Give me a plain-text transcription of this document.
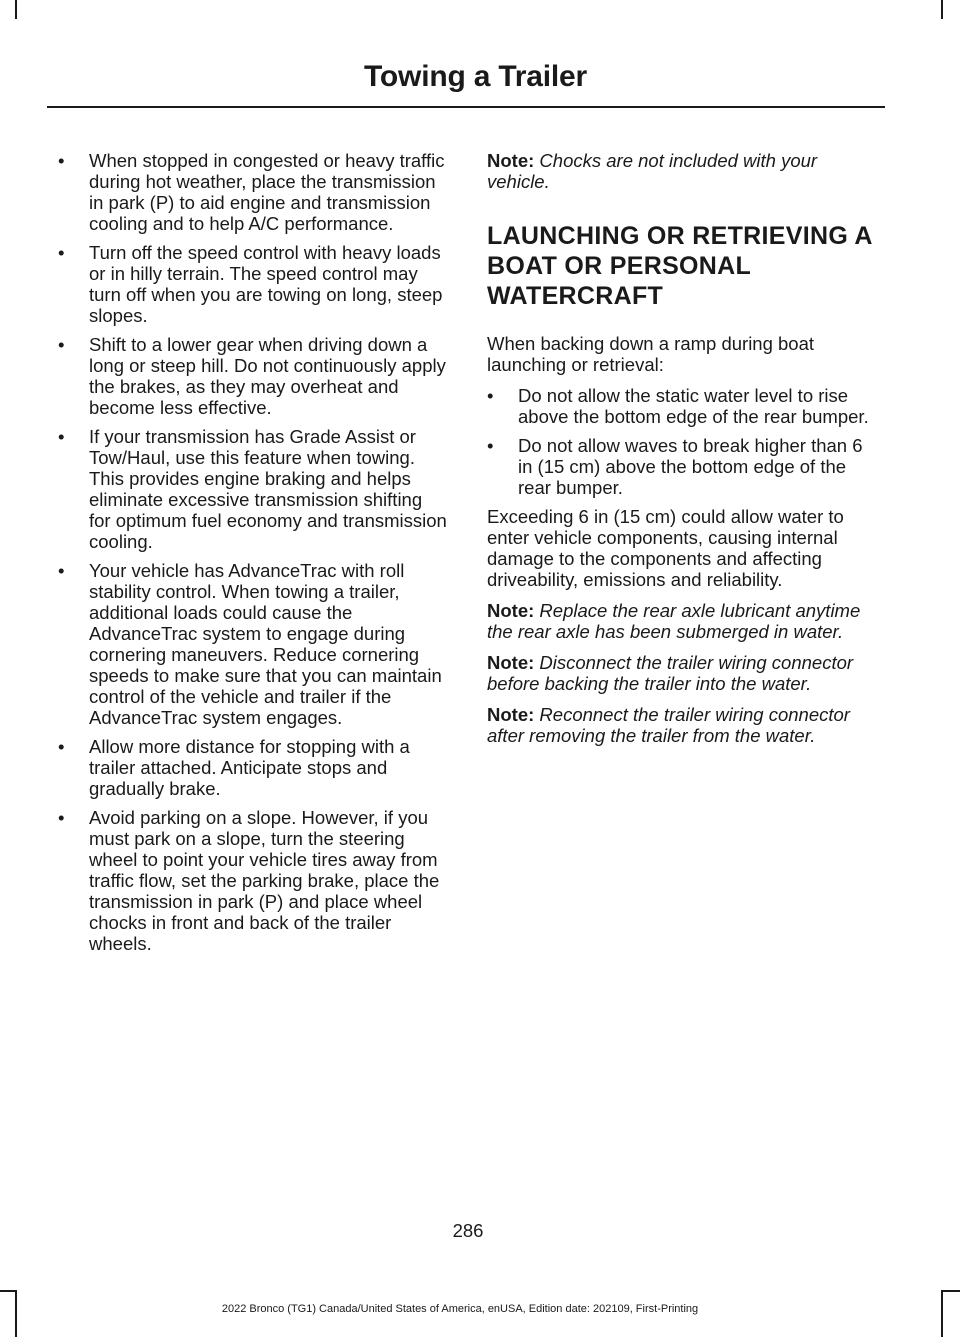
Towing a Trailer
• When stopped in congested or heavy traffic during hot weather, place the transmission in park (P) to aid engine and transmission cooling and to help A/C performance.
• Turn off the speed control with heavy loads or in hilly terrain. The speed control may turn off when you are towing on long, steep slopes.
• Shift to a lower gear when driving down a long or steep hill. Do not continuously apply the brakes, as they may overheat and become less effective.
• If your transmission has Grade Assist or Tow/Haul, use this feature when towing. This provides engine braking and helps eliminate excessive transmission shifting for optimum fuel economy and transmission cooling.
• Your vehicle has AdvanceTrac with roll stability control. When towing a trailer, additional loads could cause the AdvanceTrac system to engage during cornering maneuvers. Reduce cornering speeds to make sure that you can maintain control of the vehicle and trailer if the AdvanceTrac system engages.
• Allow more distance for stopping with a trailer attached. Anticipate stops and gradually brake.
• Avoid parking on a slope. However, if you must park on a slope, turn the steering wheel to point your vehicle tires away from traffic flow, set the parking brake, place the transmission in park (P) and place wheel chocks in front and back of the trailer wheels.

Note: Chocks are not included with your vehicle.

LAUNCHING OR RETRIEVING A BOAT OR PERSONAL WATERCRAFT

When backing down a ramp during boat launching or retrieval:

• Do not allow the static water level to rise above the bottom edge of the rear bumper.
• Do not allow waves to break higher than 6 in (15 cm) above the bottom edge of the rear bumper.

Exceeding 6 in (15 cm) could allow water to enter vehicle components, causing internal damage to the components and affecting driveability, emissions and reliability.

Note: Replace the rear axle lubricant anytime the rear axle has been submerged in water.

Note: Disconnect the trailer wiring connector before backing the trailer into the water.

Note: Reconnect the trailer wiring connector after removing the trailer from the water.

286

2022 Bronco (TG1) Canada/United States of America, enUSA, Edition date: 202109, First-Printing
